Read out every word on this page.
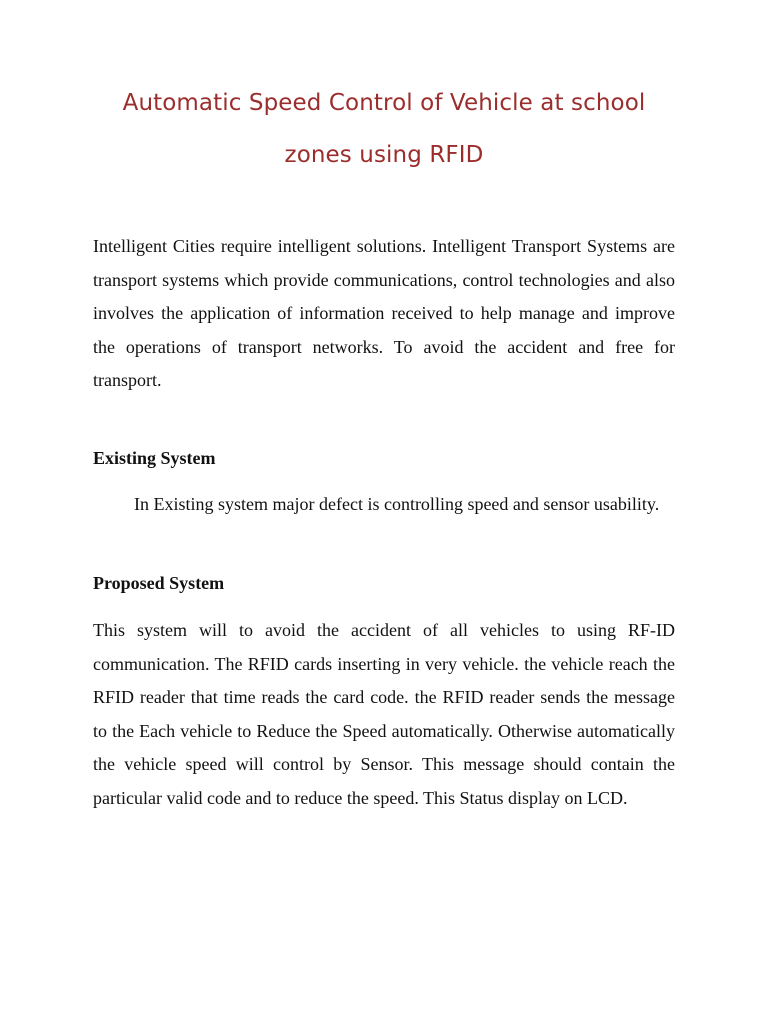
Automatic Speed Control of Vehicle at school
zones using RFID

Intelligent Cities require intelligent solutions. Intelligent Transport Systems are transport systems which provide communications, control technologies and also involves the application of information received to help manage and improve the operations of transport networks. To avoid the accident and free for transport.

Existing System

In Existing system major defect is controlling speed and sensor usability.

Proposed System

This system will to avoid the accident of all vehicles to using RF-ID communication. The RFID cards inserting in very vehicle. the vehicle reach the RFID reader that time reads the card code. the RFID reader sends the message to the Each vehicle to Reduce the Speed automatically. Otherwise automatically the vehicle speed will control by Sensor. This message should contain the particular valid code and to reduce the speed. This Status display on LCD.
